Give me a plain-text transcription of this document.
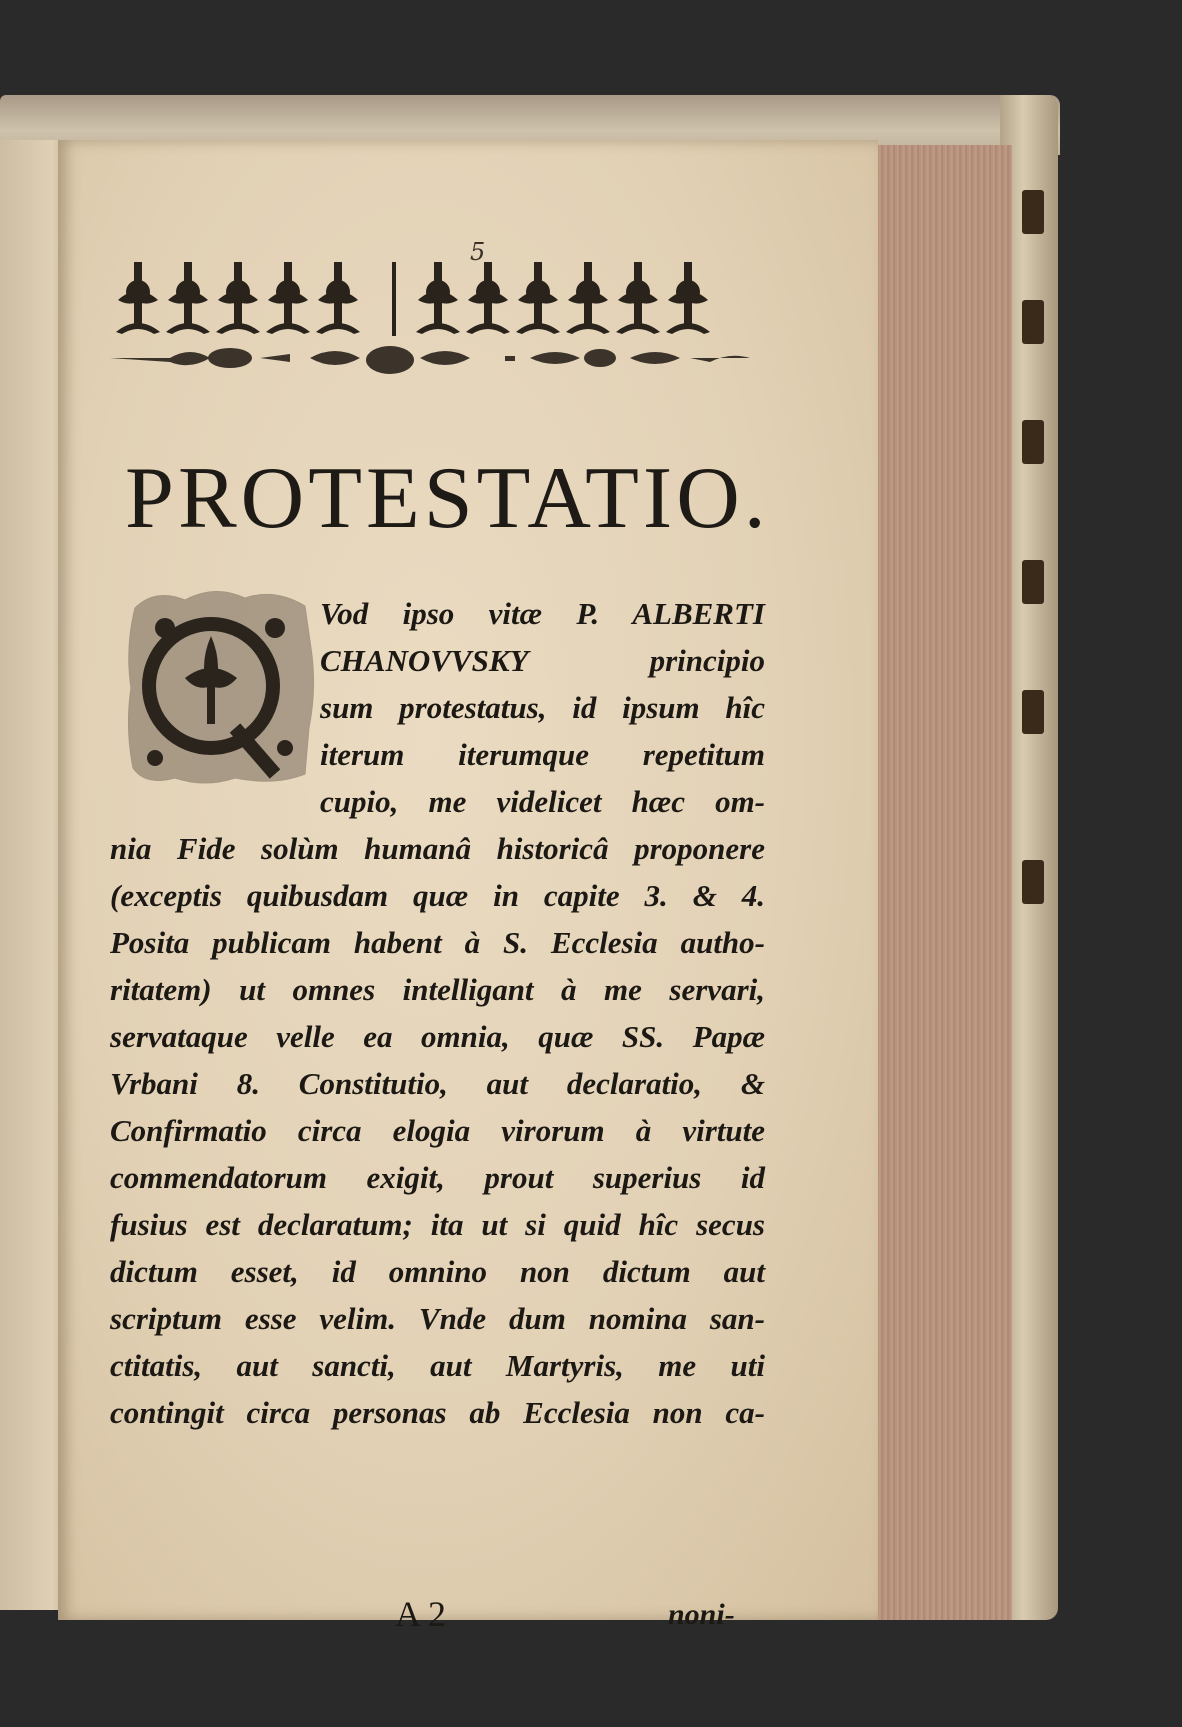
5
PROTESTATIO.
Vod ipso vitæ P. ALBERTI
CHANOVVSKY principio
sum protestatus, id ipsum hîc
iterum iterumque repetitum
cupio, me videlicet hæc om-
nia Fide solùm humanâ historicâ proponere
(exceptis quibusdam quæ in capite 3. & 4.
Posita publicam habent à S. Ecclesia autho-
ritatem) ut omnes intelligant à me servari,
servataque velle ea omnia, quæ SS. Papæ
Vrbani 8. Constitutio, aut declaratio, &
Confirmatio circa elogia virorum à virtute
commendatorum exigit, prout superius id
fusius est declaratum; ita ut si quid hîc secus
dictum esset, id omnino non dictum aut
scriptum esse velim. Vnde dum nomina san-
ctitatis, aut sancti, aut Martyris, me uti
contingit circa personas ab Ecclesia non ca-
A 2	noni-
